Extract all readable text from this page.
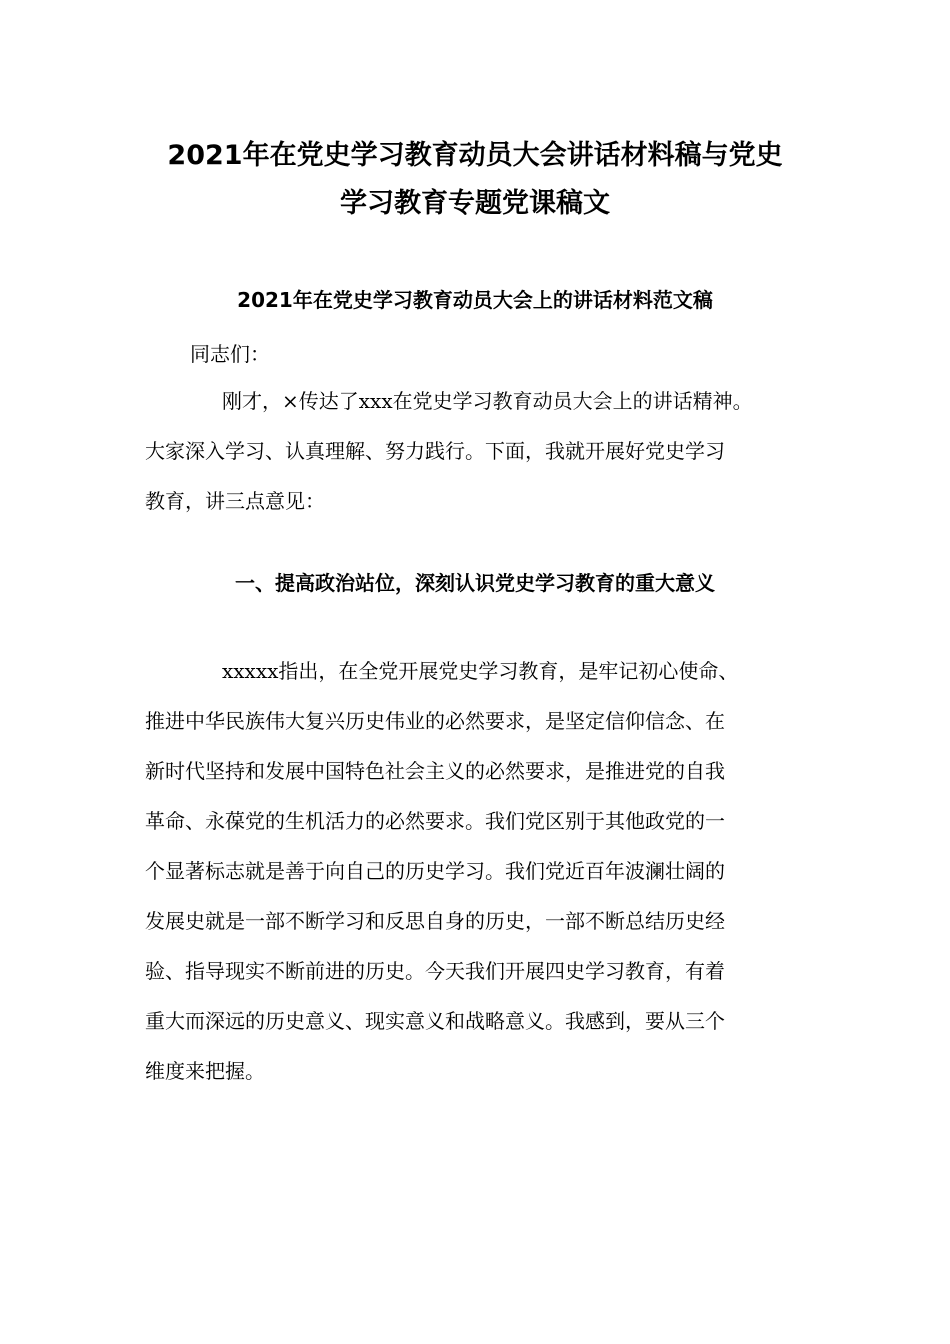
2021年在党史学习教育动员大会讲话材料稿与党史
学习教育专题党课稿文
2021年在党史学习教育动员大会上的讲话材料范文稿
同志们：
刚才，×传达了xxx在党史学习教育动员大会上的讲话精神。
大家深入学习、认真理解、努力践行。下面，我就开展好党史学习
教育，讲三点意见：
一、提高政治站位，深刻认识党史学习教育的重大意义
xxxxx指出，在全党开展党史学习教育，是牢记初心使命、
推进中华民族伟大复兴历史伟业的必然要求，是坚定信仰信念、在
新时代坚持和发展中国特色社会主义的必然要求，是推进党的自我
革命、永葆党的生机活力的必然要求。我们党区别于其他政党的一
个显著标志就是善于向自己的历史学习。我们党近百年波澜壮阔的
发展史就是一部不断学习和反思自身的历史，一部不断总结历史经
验、指导现实不断前进的历史。今天我们开展四史学习教育，有着
重大而深远的历史意义、现实意义和战略意义。我感到，要从三个
维度来把握。
